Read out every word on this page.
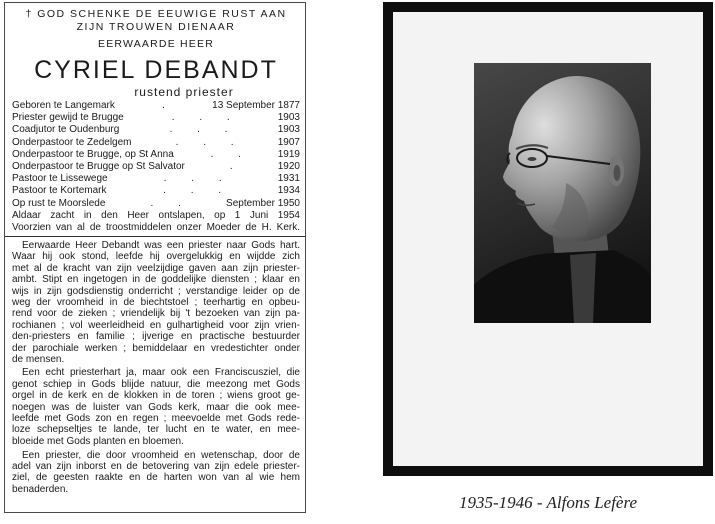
† GOD SCHENKE DE EEUWIGE RUST AAN
ZIJN TROUWEN DIENAAR
EERWAARDE HEER
CYRIEL DEBANDT
rustend priester
Geboren te Langemark	.	13 September 1877
Priester gewijd te Brugge	. . .	1903
Coadjutor te Oudenburg	. . .	1903
Onderpastoor te Zedelgem	. . .	1907
Onderpastoor te Brugge, op St Anna	. .	1919
Onderpastoor te Brugge op St Salvator	.	1920
Pastoor te Lissewege	. . .	1931
Pastoor te Kortemark	. . .	1934
Op rust te Moorslede	. .	September 1950
Aldaar zacht in den Heer ontslapen, op 1 Juni 1954
Voorzien van al de troostmiddelen onzer Moeder de H. Kerk.
Eerwaarde Heer Debandt was een priester naar Gods hart.
Waar hij ook stond, leefde hij overgelukkig en wijdde zich
met al de kracht van zijn veelzijdige gaven aan zijn priester-
ambt. Stipt en ingetogen in de goddelijke diensten ; klaar en
wijs in zijn godsdienstig onderricht ; verstandige leider op de
weg der vroomheid in de biechtstoel ; teerhartig en opbeu-
rend voor de zieken ; vriendelijk bij 't bezoeken van zijn pa-
rochianen ; vol weerleidheid en gulhartigheid voor zijn vrien-
den-priesters en familie ; ijverige en practische bestuurder
der parochiale werken ; bemiddelaar en vredestichter onder
de mensen.
Een echt priesterhart ja, maar ook een Franciscusziel, die
genot schiep in Gods blijde natuur, die meezong met Gods
orgel in de kerk en de klokken in de toren ; wiens groot ge-
noegen was de luister van Gods kerk, maar die ook mee-
leefde met Gods zon en regen ; meevoelde met Gods rede-
loze schepseltjes te lande, ter lucht en te water, en mee-
bloeide met Gods planten en bloemen.
Een priester, die door vroomheid en wetenschap, door de
adel van zijn inborst en de betovering van zijn edele priester-
ziel, de geesten raakte en de harten won van al wie hem
benaderden.
1935-1946 - Alfons Lefère
